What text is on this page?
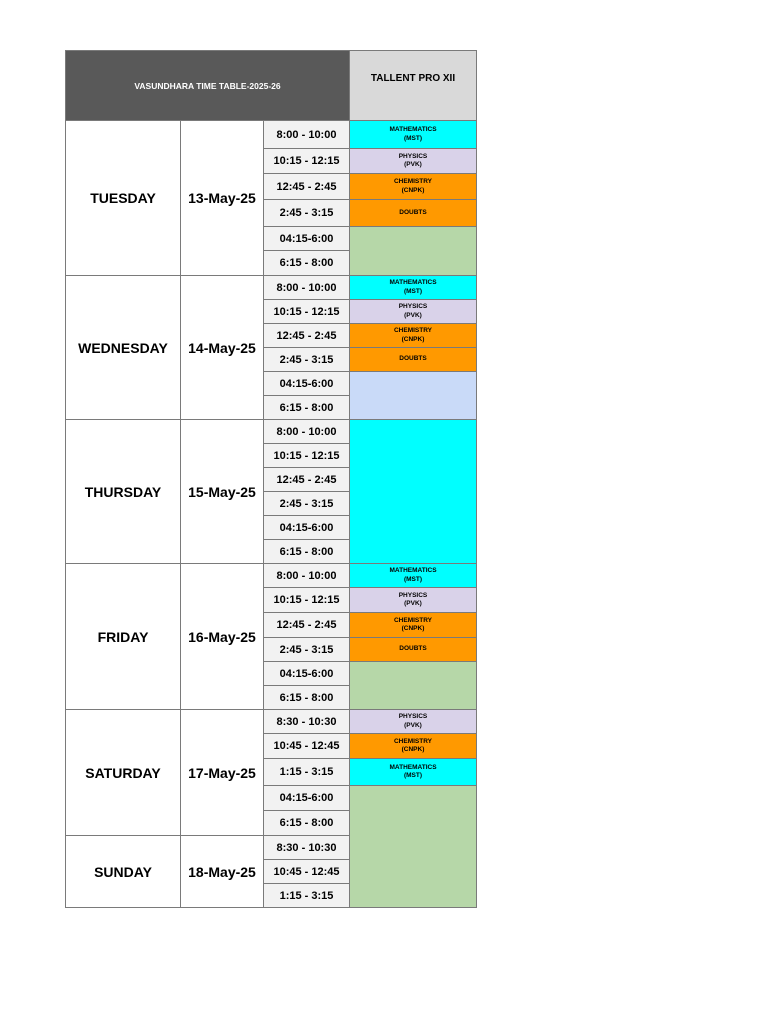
VASUNDHARA TIME TABLE-2025-26
TALLENT PRO XII
TUESDAY	13-May-25
8:00 - 10:00	MATHEMATICS
(MST)
10:15 - 12:15	PHYSICS
(PVK)
12:45 - 2:45	CHEMISTRY
(CNPK)
2:45 - 3:15	DOUBTS
04:15-6:00
6:15 - 8:00
WEDNESDAY	14-May-25
8:00 - 10:00	MATHEMATICS
(MST)
10:15 - 12:15	PHYSICS
(PVK)
12:45 - 2:45	CHEMISTRY
(CNPK)
2:45 - 3:15	DOUBTS
04:15-6:00
6:15 - 8:00
THURSDAY	15-May-25
8:00 - 10:00
10:15 - 12:15
12:45 - 2:45
2:45 - 3:15
04:15-6:00
6:15 - 8:00
FRIDAY	16-May-25
8:00 - 10:00	MATHEMATICS
(MST)
10:15 - 12:15	PHYSICS
(PVK)
12:45 - 2:45	CHEMISTRY
(CNPK)
2:45 - 3:15	DOUBTS
04:15-6:00
6:15 - 8:00
SATURDAY	17-May-25
8:30 - 10:30	PHYSICS
(PVK)
10:45 - 12:45	CHEMISTRY
(CNPK)
1:15 - 3:15	MATHEMATICS
(MST)
04:15-6:00
6:15 - 8:00
SUNDAY	18-May-25
8:30 - 10:30
10:45 - 12:45
1:15 - 3:15
